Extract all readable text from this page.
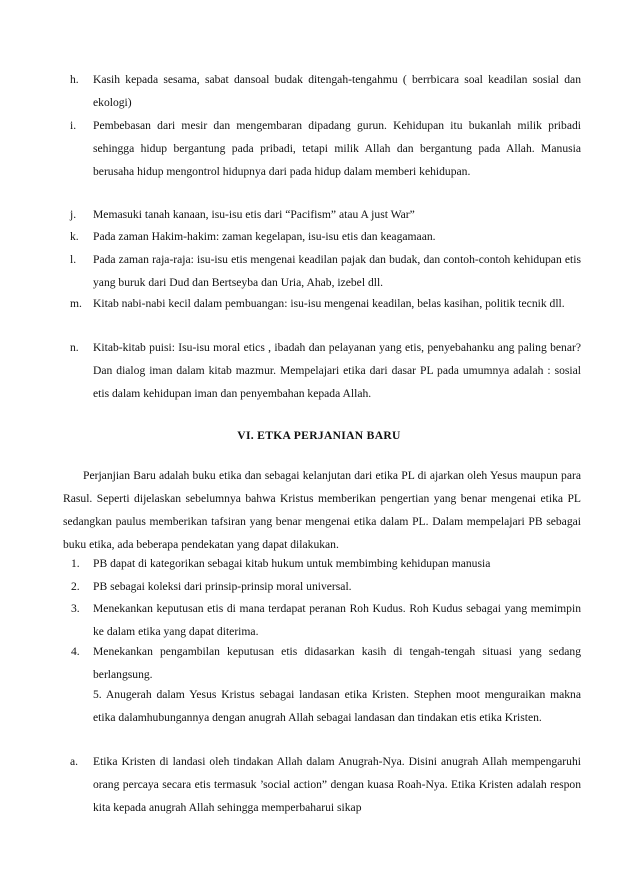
h. Kasih kepada sesama, sabat dansoal budak ditengah-tengahmu ( berrbicara soal keadilan sosial dan ekologi)

i. Pembebasan dari mesir dan mengembaran dipadang gurun. Kehidupan itu bukanlah milik pribadi sehingga hidup bergantung pada pribadi, tetapi milik Allah dan bergantung pada Allah. Manusia berusaha hidup mengontrol hidupnya dari pada hidup dalam memberi kehidupan.

j. Memasuki tanah kanaan, isu-isu etis dari “Pacifism” atau A just War”

k. Pada zaman Hakim-hakim: zaman kegelapan, isu-isu etis dan keagamaan.

l. Pada zaman raja-raja: isu-isu etis mengenai keadilan pajak dan budak, dan contoh-contoh kehidupan etis yang buruk dari Dud dan Bertseyba dan Uria, Ahab, izebel dll.

m. Kitab nabi-nabi kecil dalam pembuangan: isu-isu mengenai keadilan, belas kasihan, politik tecnik dll.

n. Kitab-kitab puisi: Isu-isu moral etics , ibadah dan pelayanan yang etis, penyebahanku ang paling benar? Dan dialog iman dalam kitab mazmur. Mempelajari etika dari dasar PL pada umumnya adalah : sosial etis dalam kehidupan iman dan penyembahan kepada Allah.

VI. ETKA PERJANIAN BARU

Perjanjian Baru adalah buku etika dan sebagai kelanjutan dari etika PL di ajarkan oleh Yesus maupun para Rasul. Seperti dijelaskan sebelumnya bahwa Kristus memberikan pengertian yang benar mengenai etika PL sedangkan paulus memberikan tafsiran yang benar mengenai etika dalam PL. Dalam mempelajari PB sebagai buku etika, ada beberapa pendekatan yang dapat dilakukan.

1. PB dapat di kategorikan sebagai kitab hukum untuk membimbing kehidupan manusia

2. PB sebagai koleksi dari prinsip-prinsip moral universal.

3. Menekankan keputusan etis di mana terdapat peranan Roh Kudus. Roh Kudus sebagai yang memimpin ke dalam etika yang dapat diterima.

4. Menekankan pengambilan keputusan etis didasarkan kasih di tengah-tengah situasi yang sedang berlangsung.

5. Anugerah dalam Yesus Kristus sebagai landasan etika Kristen. Stephen moot menguraikan makna etika dalamhubungannya dengan anugrah Allah sebagai landasan dan tindakan etis etika Kristen.

a. Etika Kristen di landasi oleh tindakan Allah dalam Anugrah-Nya. Disini anugrah Allah mempengaruhi orang percaya secara etis termasuk ’social action” dengan kuasa Roah-Nya. Etika Kristen adalah respon kita kepada anugrah Allah sehingga memperbaharui sikap
